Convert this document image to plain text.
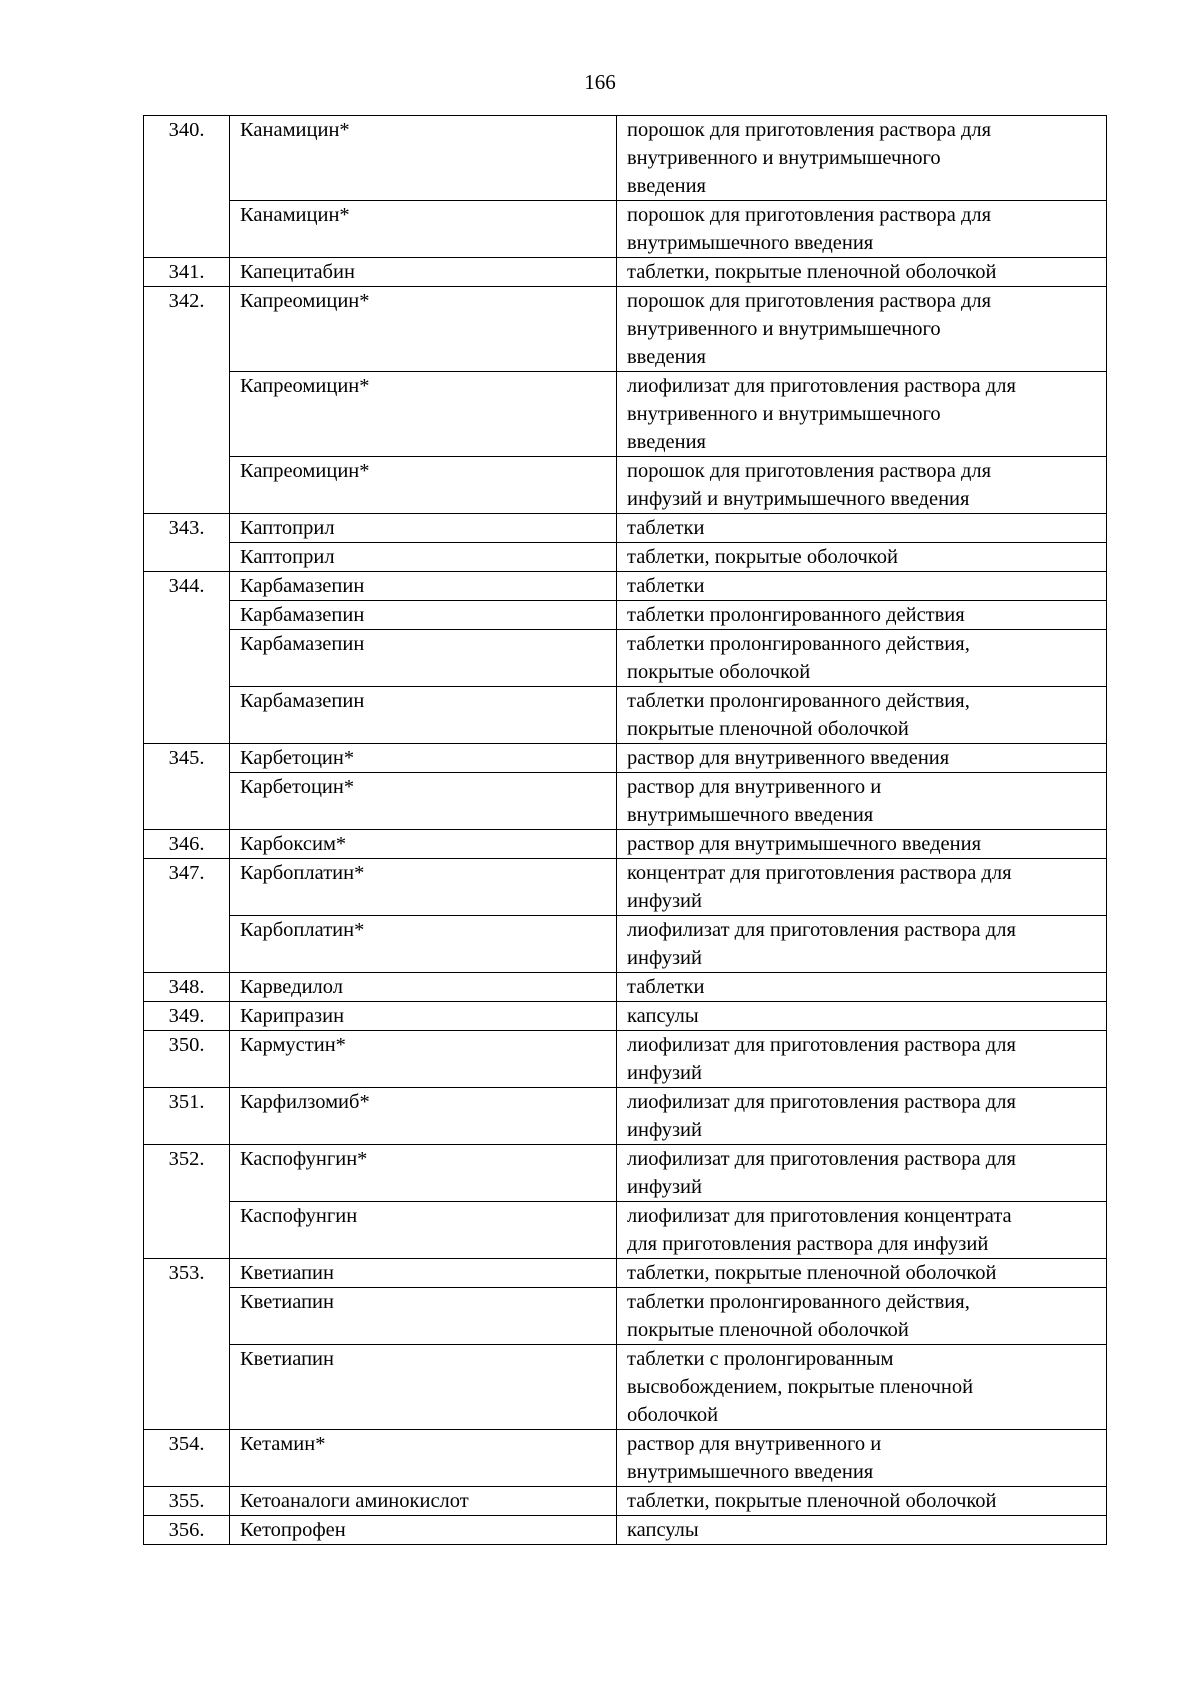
166
340.	Канамицин*	порошок для приготовления раствора для
внутривенного и внутримышечного
введения

	Канамицин*	порошок для приготовления раствора для
внутримышечного введения

341.	Капецитабин	таблетки, покрытые пленочной оболочкой

342.	Капреомицин*	порошок для приготовления раствора для
внутривенного и внутримышечного
введения

	Капреомицин*	лиофилизат для приготовления раствора для
внутривенного и внутримышечного
введения

	Капреомицин*	порошок для приготовления раствора для
инфузий и внутримышечного введения

343.	Каптоприл	таблетки

	Каптоприл	таблетки, покрытые оболочкой

344.	Карбамазепин	таблетки

	Карбамазепин	таблетки пролонгированного действия

	Карбамазепин	таблетки пролонгированного действия,
покрытые оболочкой

	Карбамазепин	таблетки пролонгированного действия,
покрытые пленочной оболочкой

345.	Карбетоцин*	раствор для внутривенного введения

	Карбетоцин*	раствор для внутривенного и
внутримышечного введения

346.	Карбоксим*	раствор для внутримышечного введения

347.	Карбоплатин*	концентрат для приготовления раствора для
инфузий

	Карбоплатин*	лиофилизат для приготовления раствора для
инфузий

348.	Карведилол	таблетки

349.	Карипразин	капсулы

350.	Кармустин*	лиофилизат для приготовления раствора для
инфузий

351.	Карфилзомиб*	лиофилизат для приготовления раствора для
инфузий

352.	Каспофунгин*	лиофилизат для приготовления раствора для
инфузий

	Каспофунгин	лиофилизат для приготовления концентрата
для приготовления раствора для инфузий

353.	Кветиапин	таблетки, покрытые пленочной оболочкой

	Кветиапин	таблетки пролонгированного действия,
покрытые пленочной оболочкой

	Кветиапин	таблетки с пролонгированным
высвобождением, покрытые пленочной
оболочкой

354.	Кетамин*	раствор для внутривенного и
внутримышечного введения

355.	Кетоаналоги аминокислот	таблетки, покрытые пленочной оболочкой

356.	Кетопрофен	капсулы
